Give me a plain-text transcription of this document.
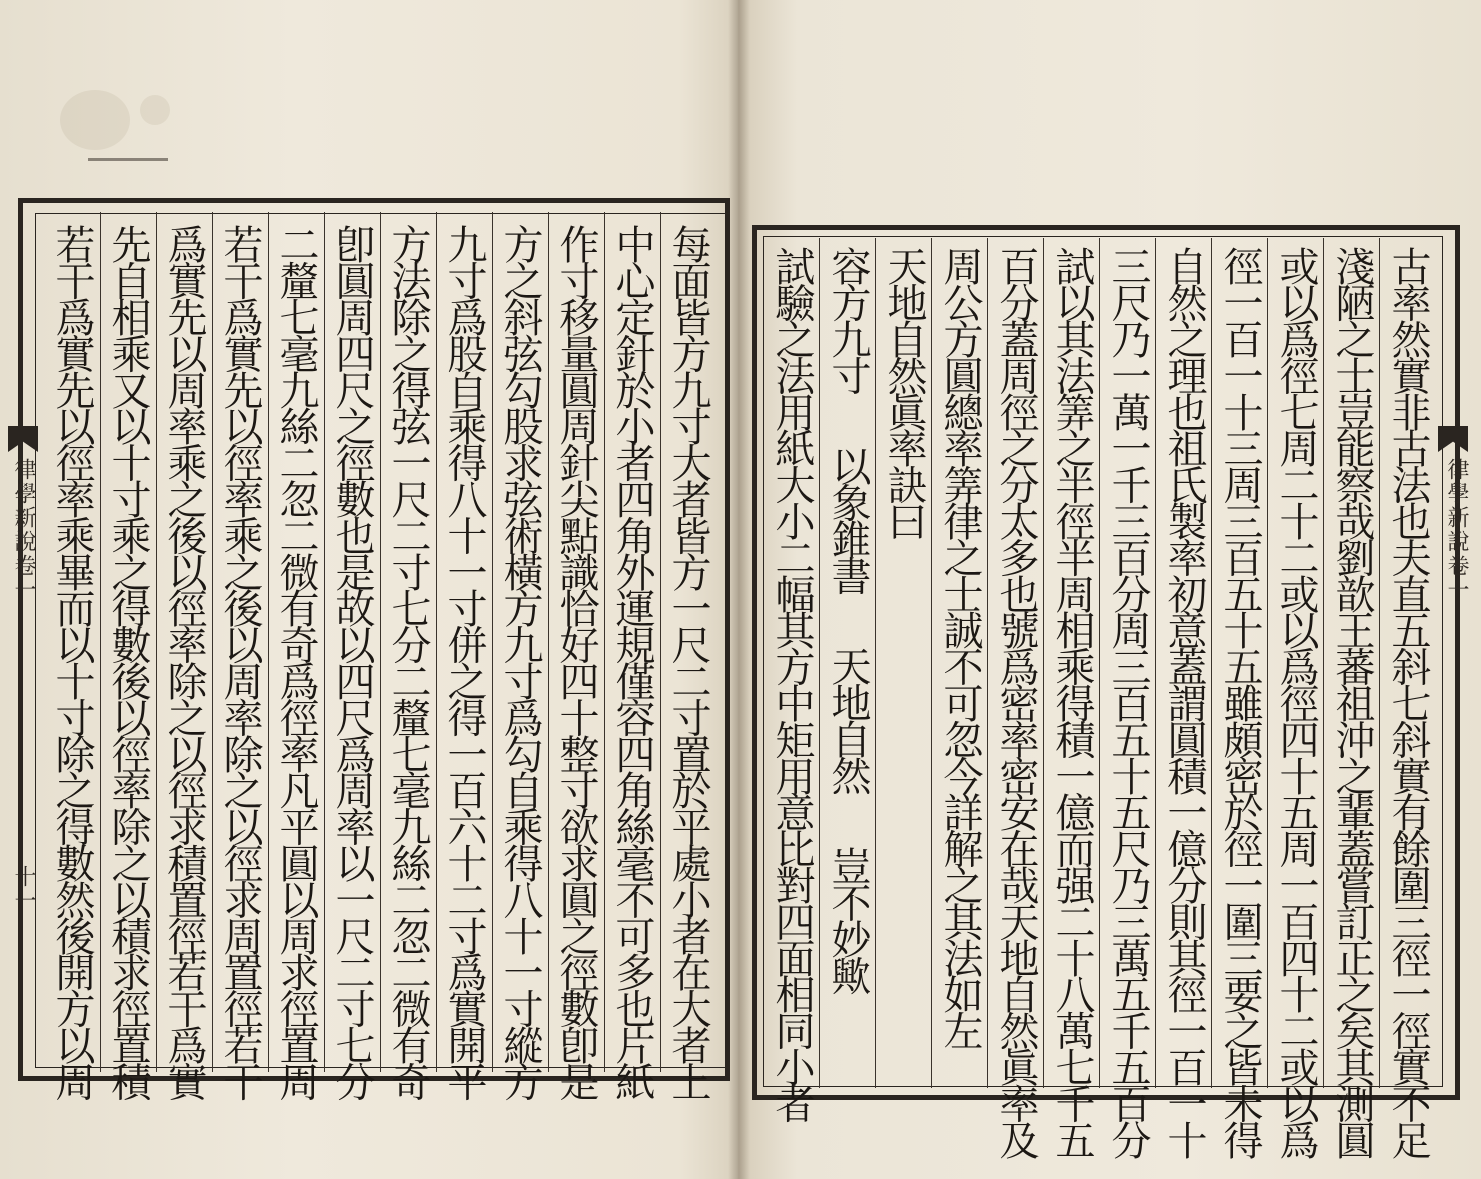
律學新說卷一
十一	每面皆方九寸大者皆方一尺二寸置於平處小者在大者上
中心定針於小者四角外運規僅容四角絲毫不可多也片紙
作寸移量圓周針尖點識恰好四十整寸欲求圓之徑數卽是
方之斜弦勾股求弦術橫方九寸爲勾自乘得八十一寸縱方
九寸爲股自乘得八十一寸併之得一百六十二寸爲實開平
方法除之得弦一尺二寸七分二釐七毫九絲二忽二微有奇
卽圓周四尺之徑數也是故以四尺爲周率以一尺二寸七分
二釐七毫九絲二忽二微有奇爲徑率凡平圓以周求徑置周
若干爲實先以徑率乘之後以周率除之以徑求周置徑若干
爲實先以周率乘之後以徑率除之以徑求積置徑若干爲實
先自相乘又以十寸乘之得數後以徑率除之以積求徑置積
若干爲實先以徑率乘畢而以十寸除之得數然後開方以周	律學新說卷一
古率然實非古法也夫直五斜七斜實有餘圍三徑一徑實不足
淺陋之士豈能察哉劉歆王蕃祖沖之輩蓋嘗訂正之矣其測圓
或以爲徑七周二十二或以爲徑四十五周一百四十二或以爲
徑一百一十三周三百五十五雖頗密於徑一圍三要之皆未得
自然之理也祖氏製率初意蓋謂圓積一億分則其徑一百一十
三尺乃一萬一千三百分周三百五十五尺乃三萬五千五百分
試以其法筭之半徑半周相乘得積一億而强二十八萬七千五
百分蓋周徑之分太多也號爲密率密安在哉天地自然眞率及
周公方圓總率筭律之士誠不可忽今詳解之其法如左
天地自然眞率訣曰
容方九寸
以象錐書
天地自然
豈不妙歟
試驗之法用紙大小二幅其方中矩用意比對四面相同小者
